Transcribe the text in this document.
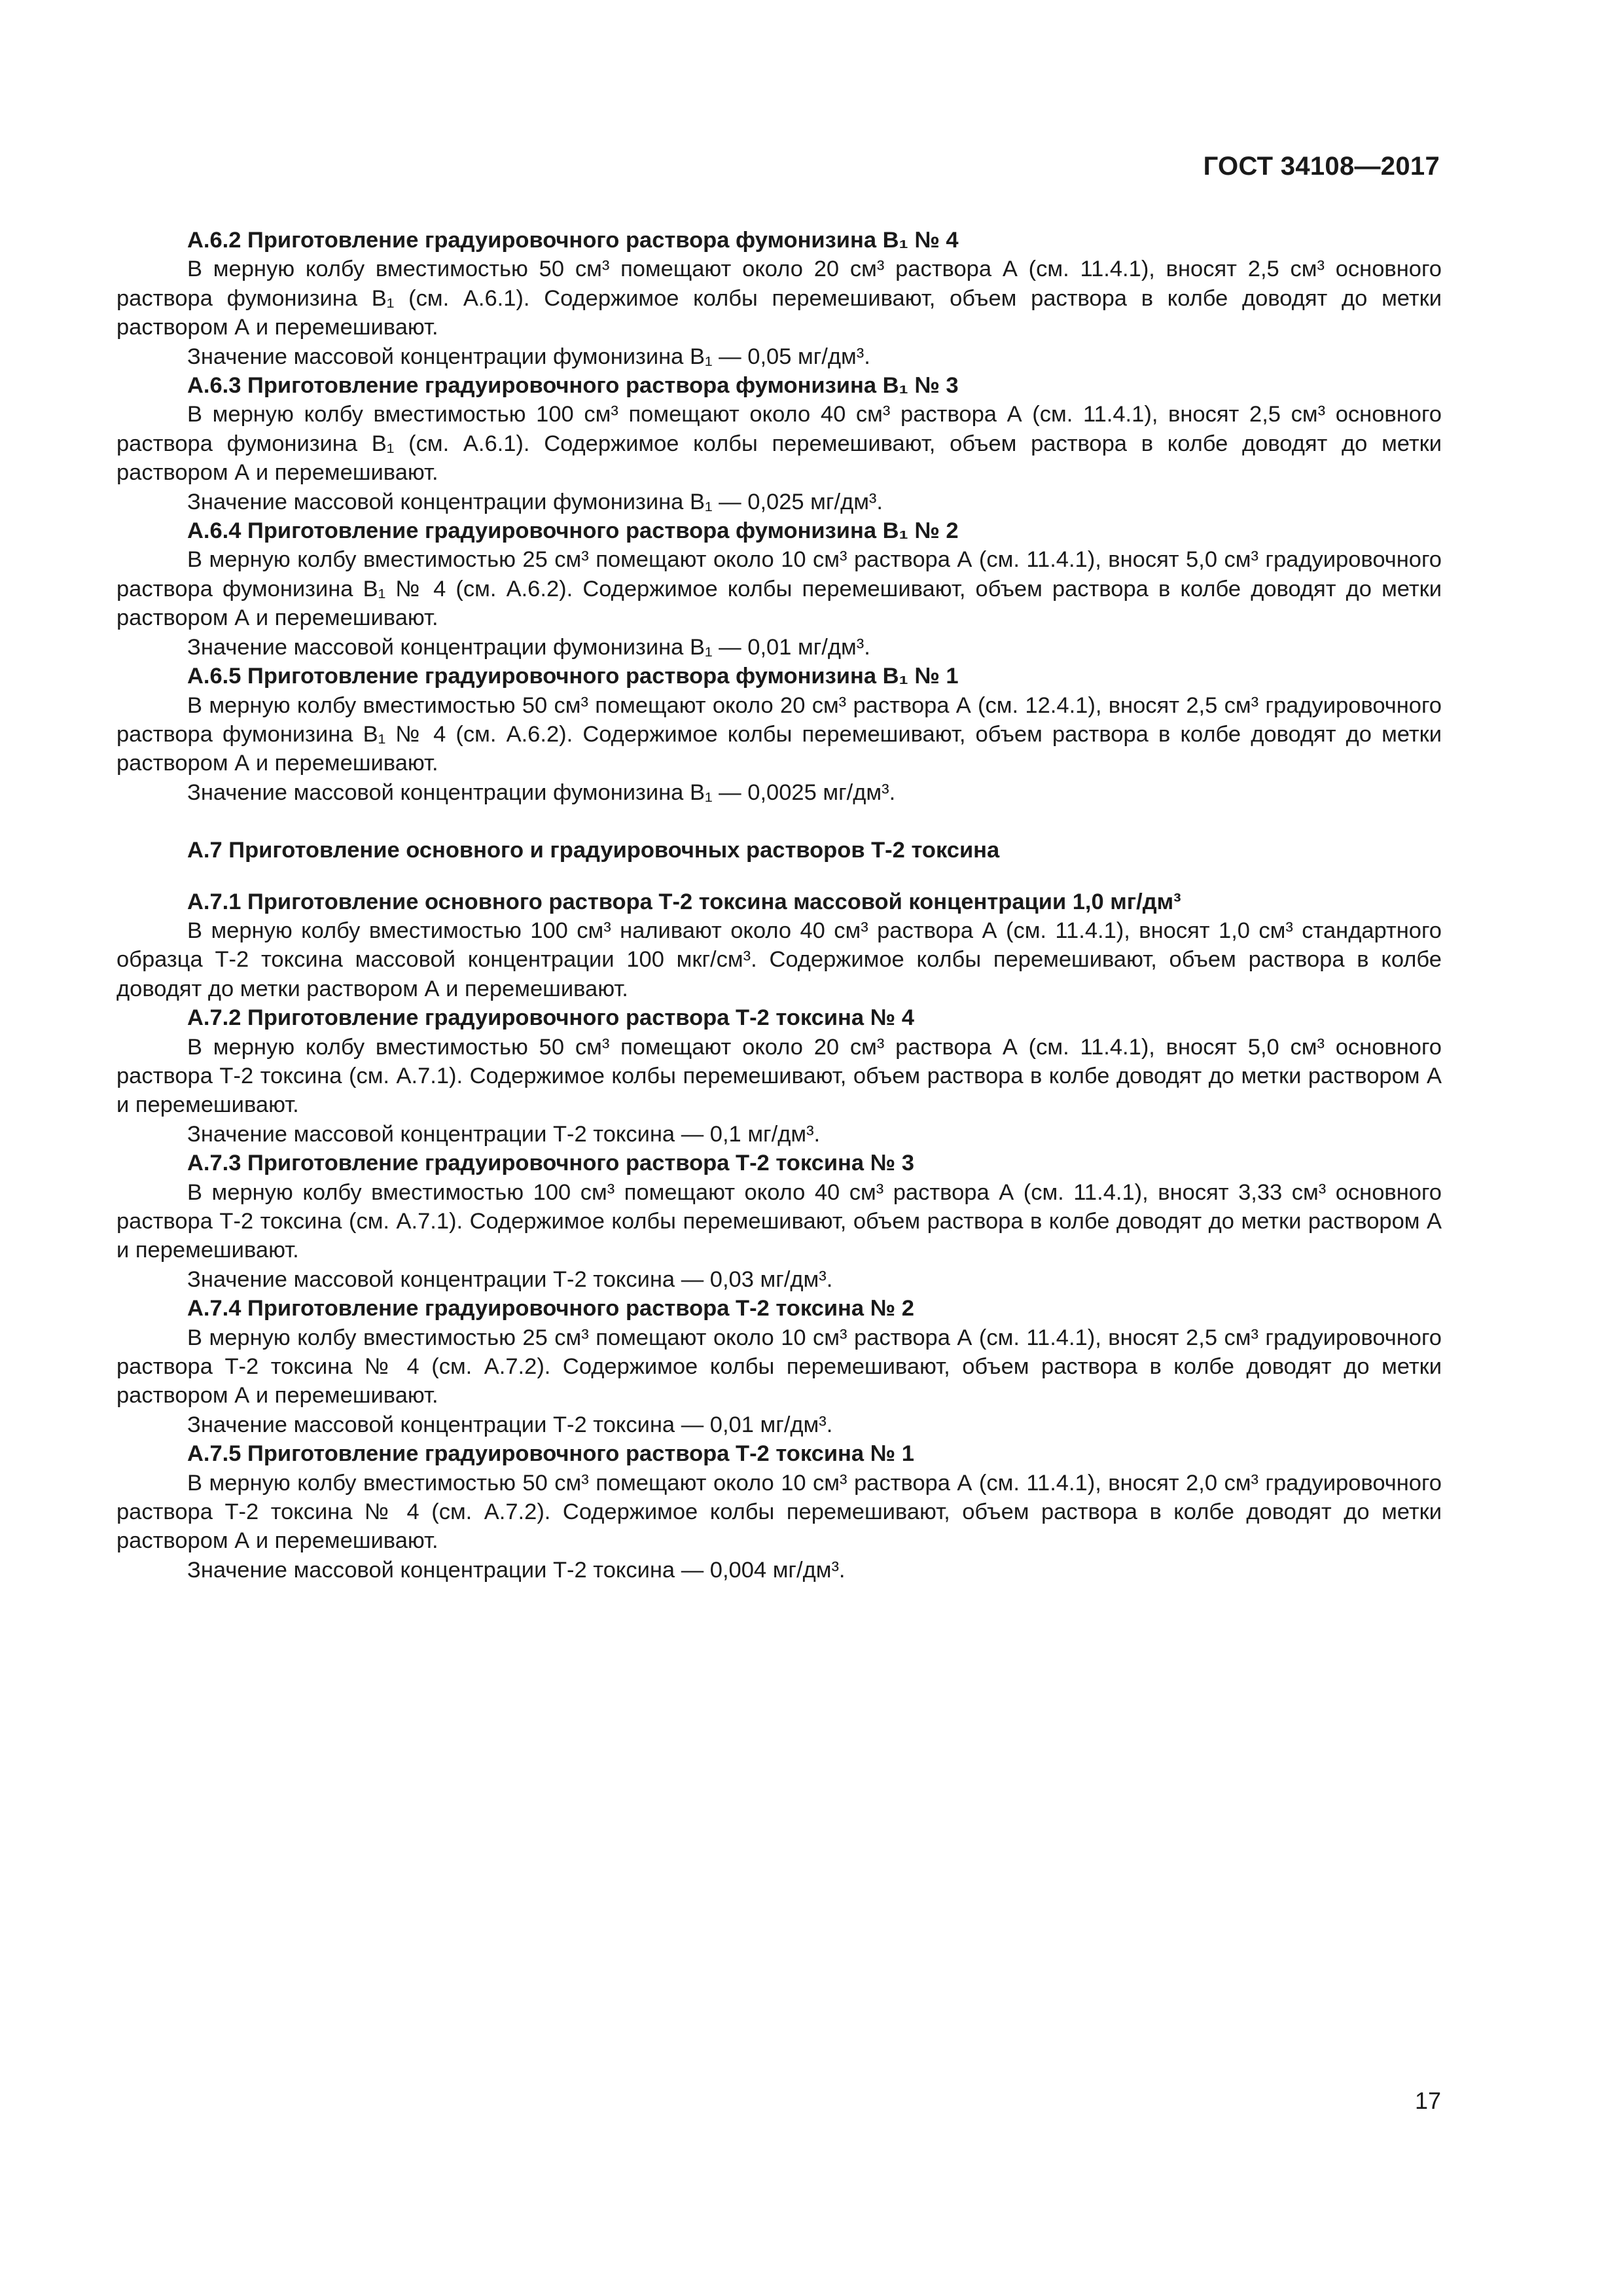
ГОСТ 34108—2017

А.6.2 Приготовление градуировочного раствора фумонизина В₁ № 4

В мерную колбу вместимостью 50 см³ помещают около 20 см³ раствора А (см. 11.4.1), вносят 2,5 см³ основного раствора фумонизина В₁ (см. А.6.1). Содержимое колбы перемешивают, объем раствора в колбе доводят до метки раствором А и перемешивают.

Значение массовой концентрации фумонизина В₁ — 0,05 мг/дм³.

А.6.3 Приготовление градуировочного раствора фумонизина В₁ № 3

В мерную колбу вместимостью 100 см³ помещают около 40 см³ раствора А (см. 11.4.1), вносят 2,5 см³ основного раствора фумонизина В₁ (см. А.6.1). Содержимое колбы перемешивают, объем раствора в колбе доводят до метки раствором А и перемешивают.

Значение массовой концентрации фумонизина В₁ — 0,025 мг/дм³.

А.6.4 Приготовление градуировочного раствора фумонизина В₁ № 2

В мерную колбу вместимостью 25 см³ помещают около 10 см³ раствора А (см. 11.4.1), вносят 5,0 см³ градуировочного раствора фумонизина В₁ № 4 (см. А.6.2). Содержимое колбы перемешивают, объем раствора в колбе доводят до метки раствором А и перемешивают.

Значение массовой концентрации фумонизина В₁ — 0,01 мг/дм³.

А.6.5 Приготовление градуировочного раствора фумонизина В₁ № 1

В мерную колбу вместимостью 50 см³ помещают около 20 см³ раствора А (см. 12.4.1), вносят 2,5 см³ градуировочного раствора фумонизина В₁ № 4 (см. А.6.2). Содержимое колбы перемешивают, объем раствора в колбе доводят до метки раствором А и перемешивают.

Значение массовой концентрации фумонизина В₁ — 0,0025 мг/дм³.

А.7 Приготовление основного и градуировочных растворов Т-2 токсина

А.7.1 Приготовление основного раствора Т-2 токсина массовой концентрации 1,0 мг/дм³

В мерную колбу вместимостью 100 см³ наливают около 40 см³ раствора А (см. 11.4.1), вносят 1,0 см³ стандартного образца Т-2 токсина массовой концентрации 100 мкг/см³. Содержимое колбы перемешивают, объем раствора в колбе доводят до метки раствором А и перемешивают.

А.7.2 Приготовление градуировочного раствора Т-2 токсина № 4

В мерную колбу вместимостью 50 см³ помещают около 20 см³ раствора А (см. 11.4.1), вносят 5,0 см³ основного раствора Т-2 токсина (см. А.7.1). Содержимое колбы перемешивают, объем раствора в колбе доводят до метки раствором А и перемешивают.

Значение массовой концентрации Т-2 токсина — 0,1 мг/дм³.

А.7.3 Приготовление градуировочного раствора Т-2 токсина № 3

В мерную колбу вместимостью 100 см³ помещают около 40 см³ раствора А (см. 11.4.1), вносят 3,33 см³ основного раствора Т-2 токсина (см. А.7.1). Содержимое колбы перемешивают, объем раствора в колбе доводят до метки раствором А и перемешивают.

Значение массовой концентрации Т-2 токсина — 0,03 мг/дм³.

А.7.4 Приготовление градуировочного раствора Т-2 токсина № 2

В мерную колбу вместимостью 25 см³ помещают около 10 см³ раствора А (см. 11.4.1), вносят 2,5 см³ градуировочного раствора Т-2 токсина № 4 (см. А.7.2). Содержимое колбы перемешивают, объем раствора в колбе доводят до метки раствором А и перемешивают.

Значение массовой концентрации Т-2 токсина — 0,01 мг/дм³.

А.7.5 Приготовление градуировочного раствора Т-2 токсина № 1

В мерную колбу вместимостью 50 см³ помещают около 10 см³ раствора А (см. 11.4.1), вносят 2,0 см³ градуировочного раствора Т-2 токсина № 4 (см. А.7.2). Содержимое колбы перемешивают, объем раствора в колбе доводят до метки раствором А и перемешивают.

Значение массовой концентрации Т-2 токсина — 0,004 мг/дм³.

17
